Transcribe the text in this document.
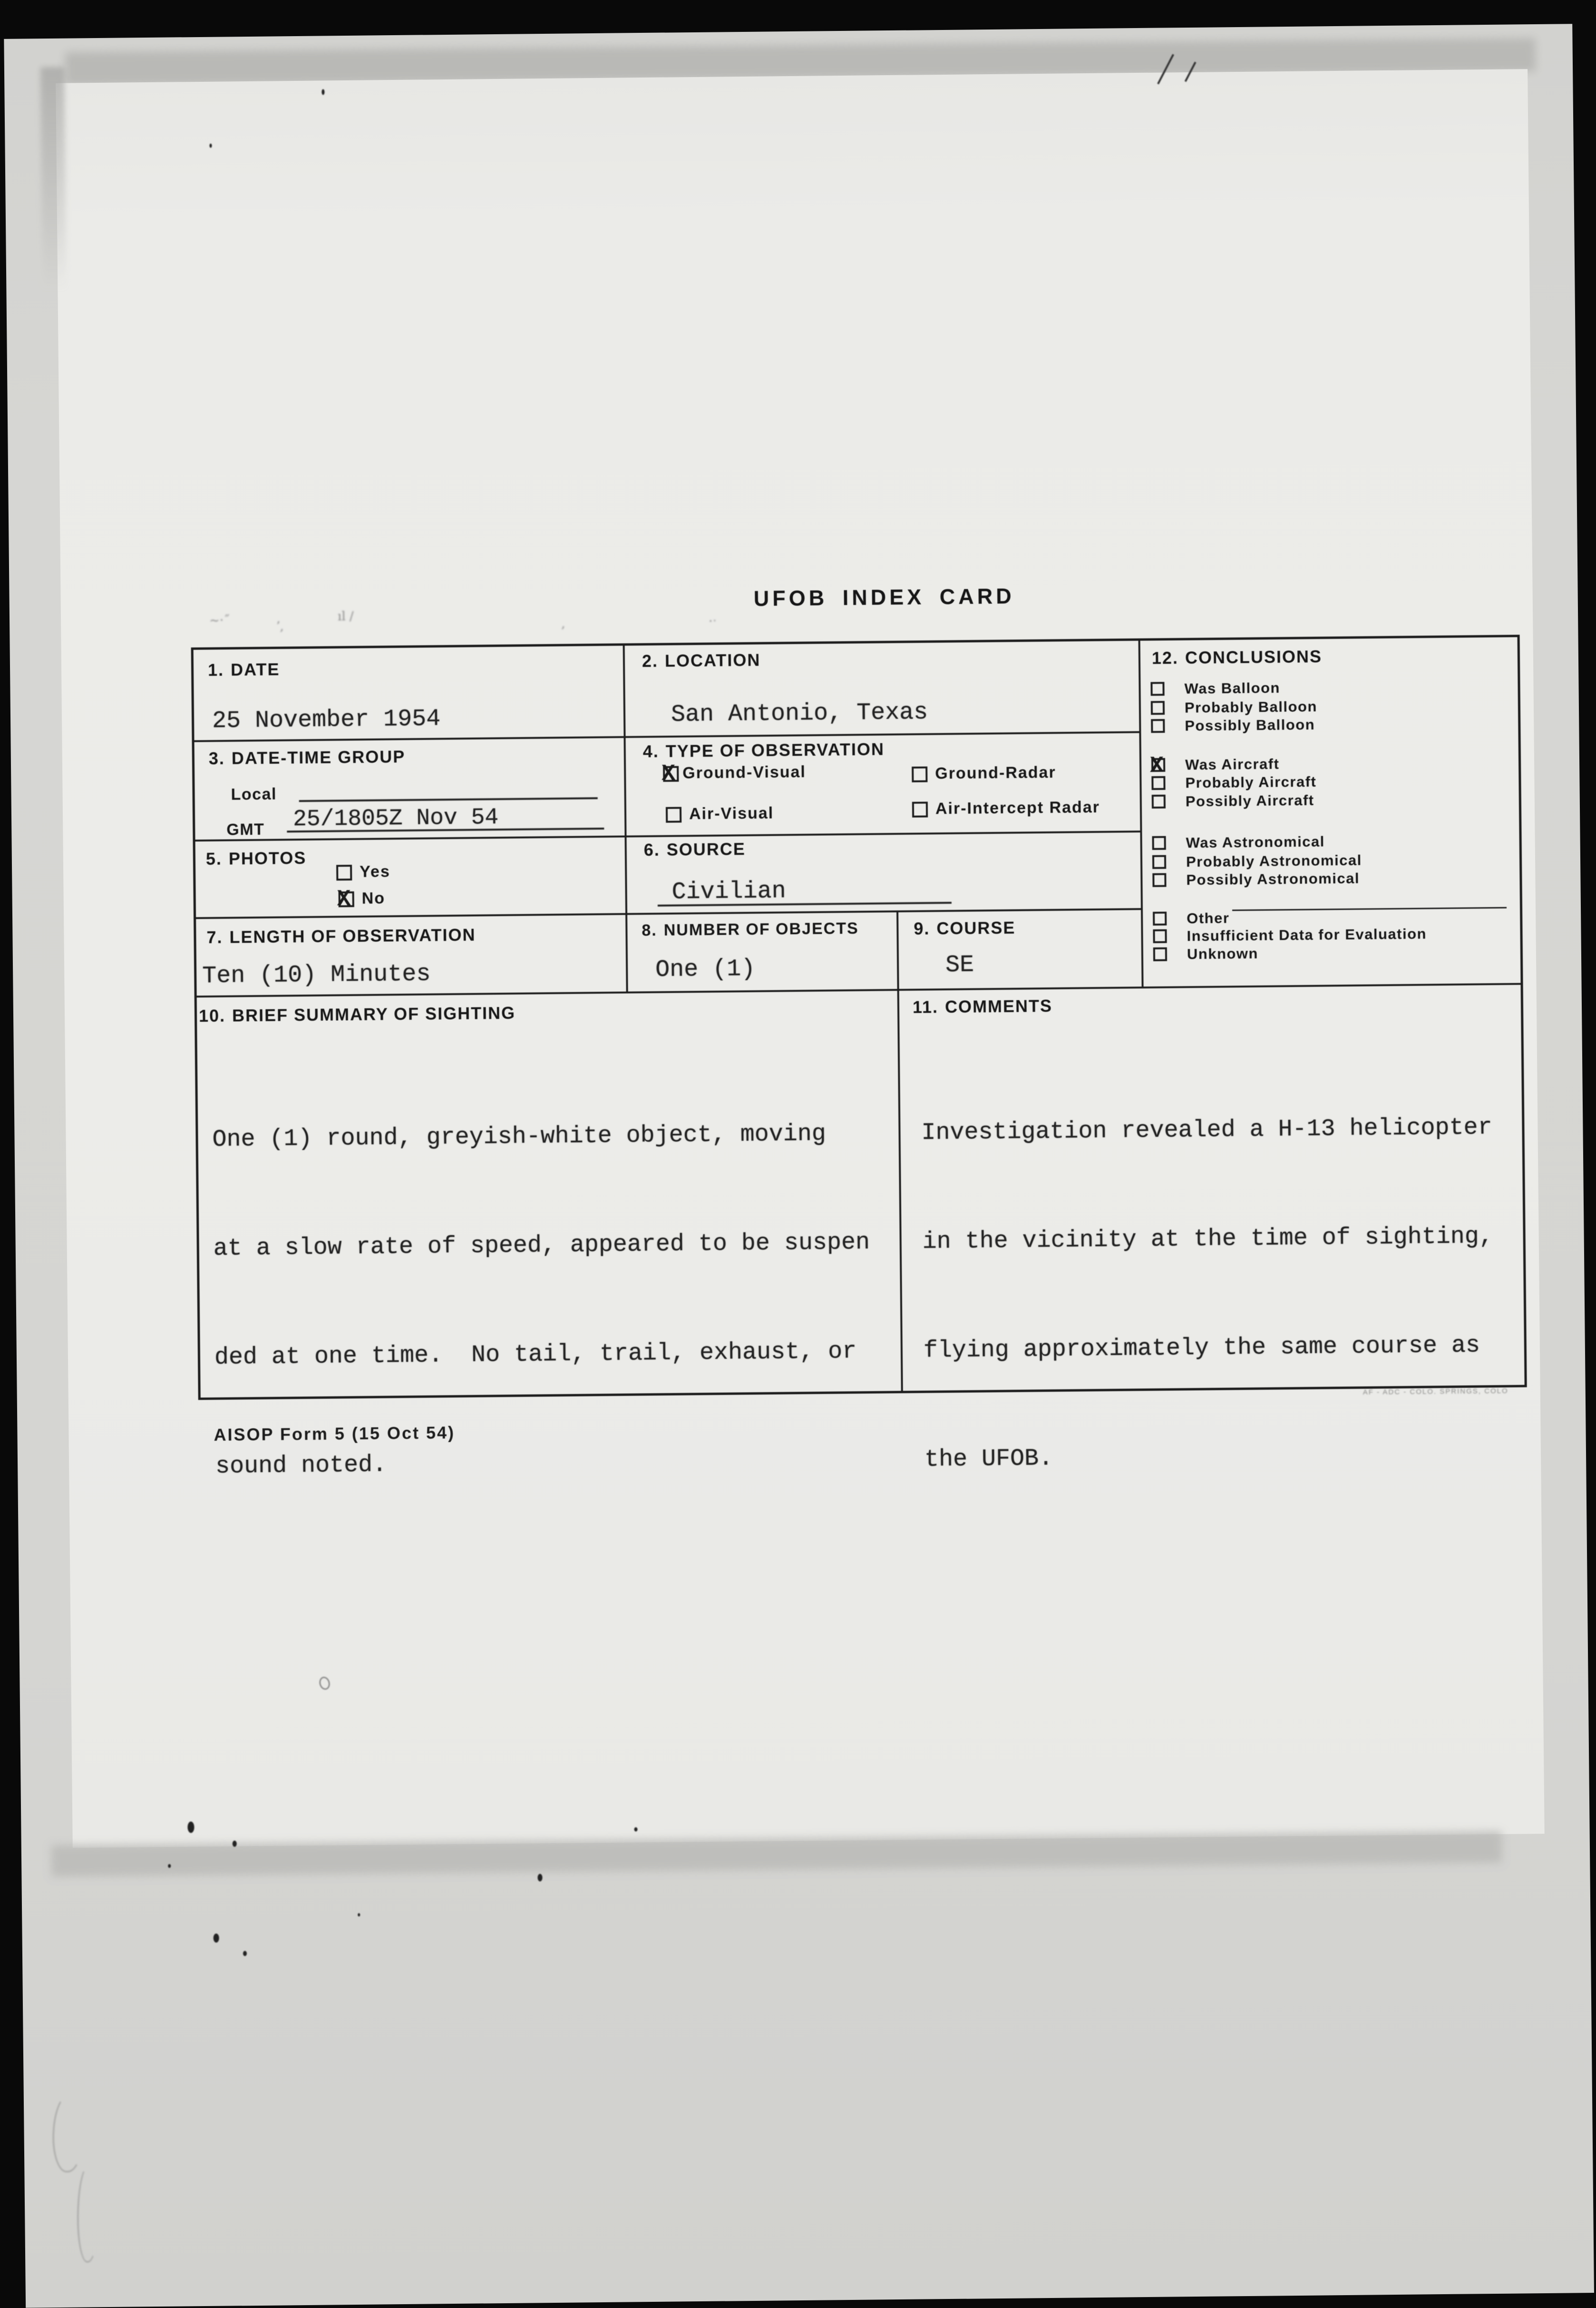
~·˝	ʼ,
ıl /
,	·ˑ
UFOB INDEX CARD
1. DATE
25 November 1954
2. LOCATION
San Antonio, Texas
3. DATE-TIME GROUP
Local
25/1805Z Nov 54
GMT
4. TYPE OF OBSERVATION
X
Ground-Visual	Ground-Radar
Air-Visual	Air-Intercept Radar
5. PHOTOS
Yes
X
No
6. SOURCE
Civilian
7. LENGTH OF OBSERVATION
Ten (10) Minutes
8. NUMBER OF OBJECTS
One (1)
9. COURSE
SE
12. CONCLUSIONS
Was Balloon
Probably Balloon
Possibly Balloon
X
Was Aircraft
Probably Aircraft
Possibly Aircraft
Was Astronomical
Probably Astronomical
Possibly Astronomical
Other
Insufficient Data for Evaluation
Unknown
10. BRIEF SUMMARY OF SIGHTING

One (1) round, greyish-white object, moving

at a slow rate of speed, appeared to be suspen

ded at one time.  No tail, trail, exhaust, or

sound noted.

11. COMMENTS

Investigation revealed a H-13 helicopter

in the vicinity at the time of sighting,

flying approximately the same course as

the UFOB.

AISOP Form 5 (15 Oct 54)
AF - ADC - COLO. SPRINGS, COLO
